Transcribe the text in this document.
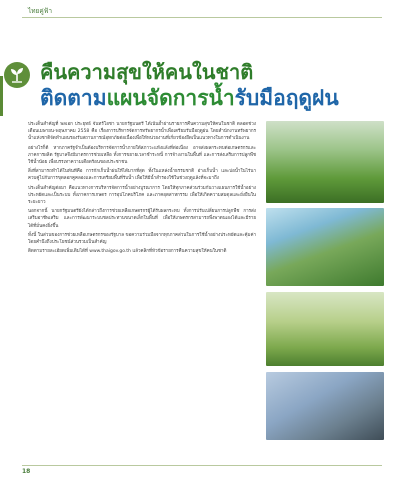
ไทยคู่ฟ้า
คืนความสุขให้คนในชาติ
ติดตามแผนจัดการน้ำรับมือฤดูฝน

ประเด็นสำคัญที่ พลเอก ประยุทธ์ จันทร์โอชา นายกรัฐมนตรี ได้เน้นย้ำผ่านรายการคืนความสุขให้คนในชาติ ตลอดช่วงเดือนเมษายน-พฤษภาคม 2558 คือ เรื่องการบริหารจัดการทรัพยากรน้ำเพื่อเตรียมรับมือฤดูฝน โดยสำนักงานทรัพยากรน้ำแห่งชาติจัดทำแผนรองรับสถานการณ์อุทกภัยต่อเนื่องเพื่อให้หน่วยงานที่เกี่ยวข้องยึดเป็นแนวทางในการดำเนินงาน

อย่างไรก็ดี หากภาครัฐจำเป็นต้องบริหารจัดการน้ำภายใต้สภาวะแห้งแล้งที่ต่อเนื่อง อาจส่งผลกระทบต่อเกษตรกรและภาคการผลิต รัฐบาลจึงมีมาตรการช่วยเหลือ ทั้งการขยายเวลาชำระหนี้ การจ้างงานในพื้นที่ และการส่งเสริมการปลูกพืชใช้น้ำน้อย เพื่อบรรเทาความเดือดร้อนของประชาชน

สิ่งที่สามารถทำได้ในทันทีคือ การกักเก็บน้ำฝนให้ได้มากที่สุด ทั้งในแหล่งน้ำธรรมชาติ อ่างเก็บน้ำ และบ่อน้ำในไร่นา ควบคู่ไปกับการขุดลอกคูคลองและการเตรียมพื้นที่รับน้ำ เพื่อให้มีน้ำสำรองใช้ในช่วงฤดูแล้งที่จะมาถึง

ประเด็นสำคัญต่อมา คือแนวทางการบริหารจัดการน้ำอย่างบูรณาการ โดยให้ทุกภาคส่วนร่วมกันวางแผนการใช้น้ำอย่างประหยัดและเป็นระบบ ทั้งภาคการเกษตร การอุปโภคบริโภค และภาคอุตสาหกรรม เพื่อให้เกิดความสมดุลและยั่งยืนในระยะยาว

นอกจากนี้ นายกรัฐมนตรียังได้กล่าวถึงการช่วยเหลือเกษตรกรผู้ได้รับผลกระทบ ทั้งการปรับเปลี่ยนการปลูกพืช การส่งเสริมอาชีพเสริม และการพัฒนาระบบชลประทานขนาดเล็กในพื้นที่ เพื่อให้เกษตรกรสามารถพึ่งพาตนเองได้และมีรายได้ที่มั่นคงยิ่งขึ้น

ทั้งนี้ ในส่วนของการช่วยเหลือเกษตรกรของรัฐบาล ขอความร่วมมือจากทุกภาคส่วนในการใช้น้ำอย่างประหยัดและคุ้มค่า โดยคำนึงถึงประโยชน์ส่วนรวมเป็นสำคัญ

ติดตามรายละเอียดเพิ่มเติมได้ที่ www.thaigov.go.th แล้วคลิกที่หัวข้อรายการคืนความสุขให้คนในชาติ

18
